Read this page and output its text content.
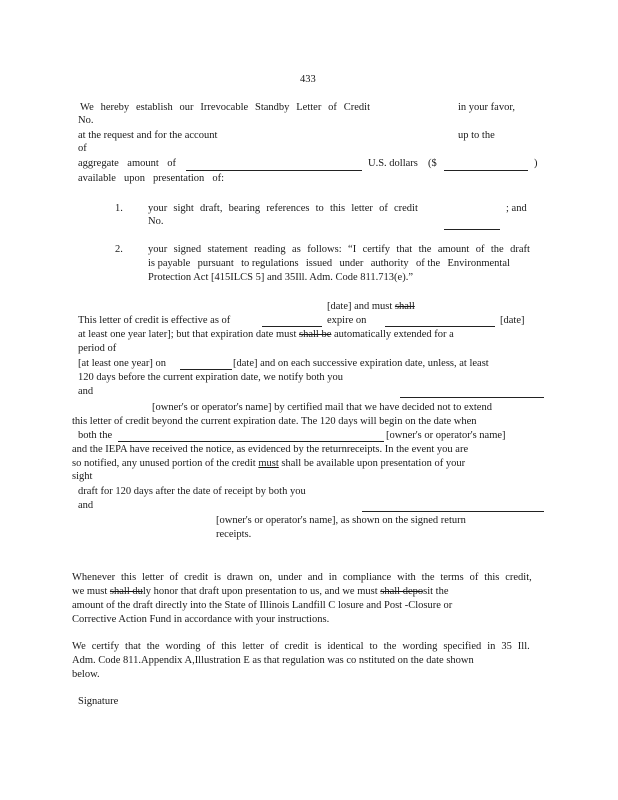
433
We hereby establish our Irrevocable Standby Letter of Credit	in your favor,
No.
at the request and for the account	up to the
of
aggregate amount of	U.S. dollars ($	)
available upon presentation of:
1. your sight draft, bearing references to this letter of credit	; and
No.
2. your signed statement reading as follows: “I certify that the amount of the draft
is payable pursuant to regulations issued under authority of the Environmental
Protection Act [415ILCS 5] and 35Ill. Adm. Code 811.713(e).”
[date] and must shall
This letter of credit is effective as of	expire on	[date]
at least one year later]; but that expiration date must shall be automatically extended for a
period of
[at least one year] on	[date] and on each successive expiration date, unless, at least
120 days before the current expiration date, we notify both you
and
[owner's or operator's name] by certified mail that we have decided not to extend
this letter of credit beyond the current expiration date. The 120 days will begin on the date when
both the	[owner's or operator's name]
and the IEPA have received the notice, as evidenced by the returnreceipts. In the event you are
so notified, any unused portion of the credit must shall be available upon presentation of your
sight
draft for 120 days after the date of receipt by both you
and
[owner's or operator's name], as shown on the signed return
receipts.
Whenever this letter of credit is drawn on, under and in compliance with the terms of this credit,
we must shall duly honor that draft upon presentation to us, and we must shall deposit the
amount of the draft directly into the State of Illinois Landfill C losure and Post -Closure or
Corrective Action Fund in accordance with your instructions.
We certify that the wording of this letter of credit is identical to the wording specified in 35 Ill.
Adm. Code 811.Appendix A,Illustration E as that regulation was co nstituted on the date shown
below.
Signature
